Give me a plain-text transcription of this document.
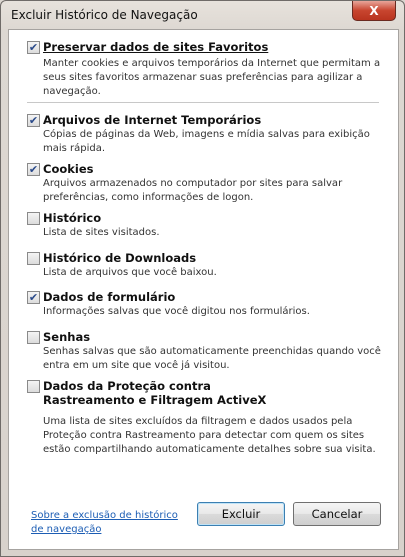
Excluir Histórico de Navegação	X
✔ Preservar dados de sites Favoritos
Manter cookies e arquivos temporários da Internet que permitam a seus sites favoritos armazenar suas preferências para agilizar a navegação.
✔ Arquivos de Internet Temporários
Cópias de páginas da Web, imagens e mídia salvas para exibição mais rápida.
✔ Cookies
Arquivos armazenados no computador por sites para salvar preferências, como informações de logon.
Histórico
Lista de sites visitados.
Histórico de Downloads
Lista de arquivos que você baixou.
✔ Dados de formulário
Informações salvas que você digitou nos formulários.
Senhas
Senhas salvas que são automaticamente preenchidas quando você entra em um site que você já visitou.
Dados da Proteção contra Rastreamento e Filtragem ActiveX
Uma lista de sites excluídos da filtragem e dados usados pela Proteção contra Rastreamento para detectar com quem os sites estão compartilhando automaticamente detalhes sobre sua visita.
Sobre a exclusão de histórico de navegação
Excluir	Cancelar
